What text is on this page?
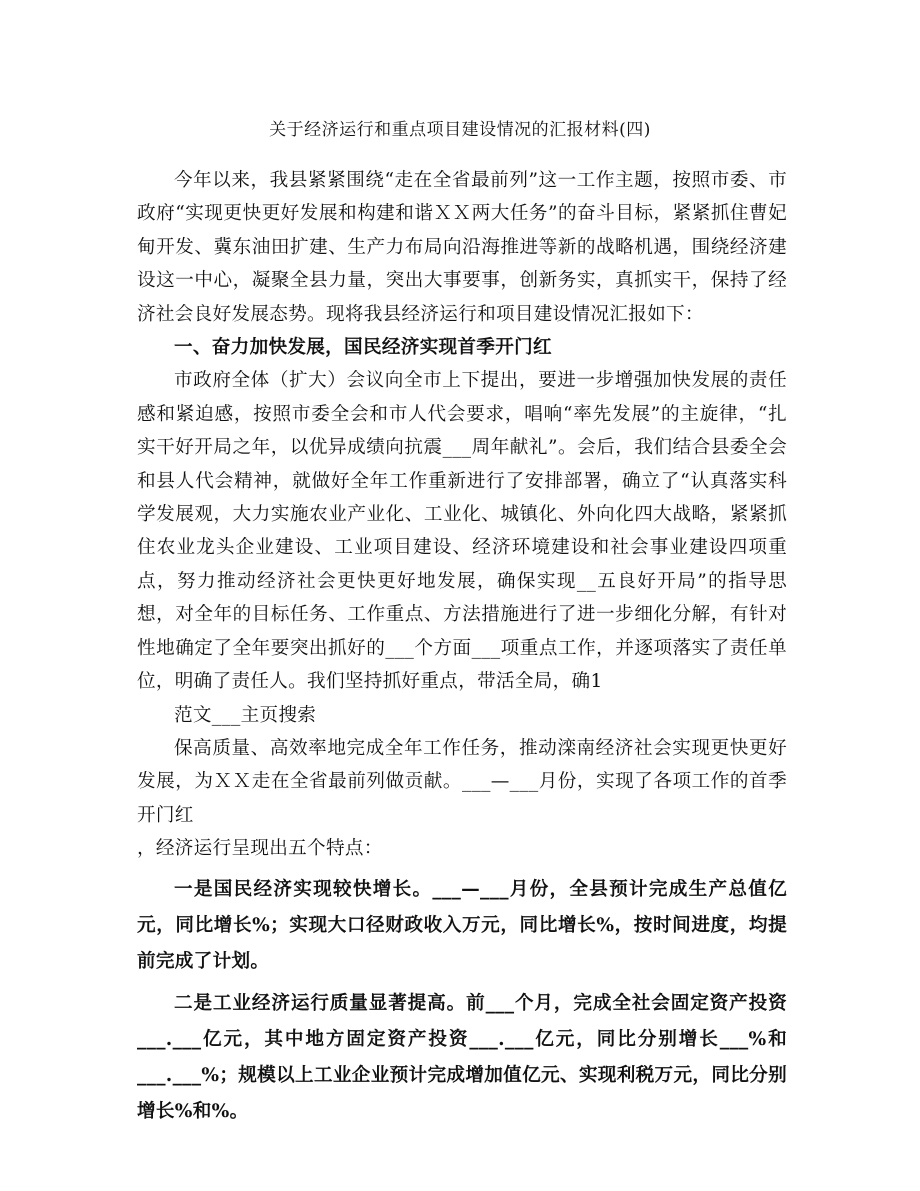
关于经济运行和重点项目建设情况的汇报材料(四)

今年以来，我县紧紧围绕“走在全省最前列”这一工作主题，按照市委、市政府“实现更快更好发展和构建和谐ＸＸ两大任务”的奋斗目标，紧紧抓住曹妃甸开发、冀东油田扩建、生产力布局向沿海推进等新的战略机遇，围绕经济建设这一中心，凝聚全县力量，突出大事要事，创新务实，真抓实干，保持了经济社会良好发展态势。现将我县经济运行和项目建设情况汇报如下：

一、奋力加快发展，国民经济实现首季开门红

市政府全体（扩大）会议向全市上下提出，要进一步增强加快发展的责任感和紧迫感，按照市委全会和市人代会要求，唱响“率先发展”的主旋律，“扎实干好开局之年，以优异成绩向抗震___周年献礼”。会后，我们结合县委全会和县人代会精神，就做好全年工作重新进行了安排部署，确立了“认真落实科学发展观，大力实施农业产业化、工业化、城镇化、外向化四大战略，紧紧抓住农业龙头企业建设、工业项目建设、经济环境建设和社会事业建设四项重点，努力推动经济社会更快更好地发展，确保实现__五良好开局”的指导思想，对全年的目标任务、工作重点、方法措施进行了进一步细化分解，有针对性地确定了全年要突出抓好的___个方面___项重点工作，并逐项落实了责任单位，明确了责任人。我们坚持抓好重点，带活全局，确1

范文___主页搜索

保高质量、高效率地完成全年工作任务，推动滦南经济社会实现更快更好发展，为ＸＸ走在全省最前列做贡献。___—___月份，实现了各项工作的首季开门红

，经济运行呈现出五个特点：

一是国民经济实现较快增长。___—___月份，全县预计完成生产总值亿元，同比增长%；实现大口径财政收入万元，同比增长%，按时间进度，均提前完成了计划。

二是工业经济运行质量显著提高。前___个月，完成全社会固定资产投资___.___亿元，其中地方固定资产投资___.___亿元，同比分别增长___%和___.___%；规模以上工业企业预计完成增加值亿元、实现利税万元，同比分别增长%和%。
